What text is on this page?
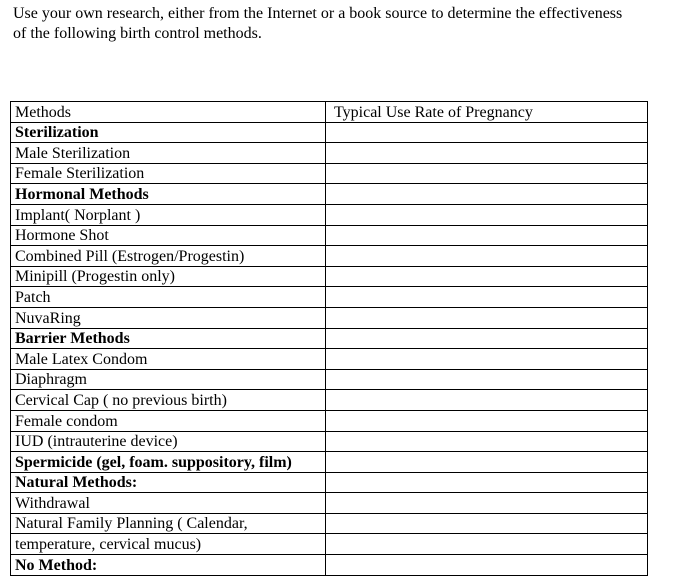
Use your own research, either from the Internet or a book source to determine the effectiveness
of the following birth control methods.

Methods	Typical Use Rate of Pregnancy
Sterilization	
Male Sterilization	
Female Sterilization	
Hormonal Methods	
Implant( Norplant )	
Hormone Shot	
Combined Pill (Estrogen/Progestin)	
Minipill (Progestin only)	
Patch	
NuvaRing	
Barrier Methods	
Male Latex Condom	
Diaphragm	
Cervical Cap ( no previous birth)	
Female condom	
IUD (intrauterine device)	
Spermicide (gel, foam. suppository, film)	
Natural Methods:	
Withdrawal	
Natural Family Planning ( Calendar,	
temperature, cervical mucus)	
No Method:	
